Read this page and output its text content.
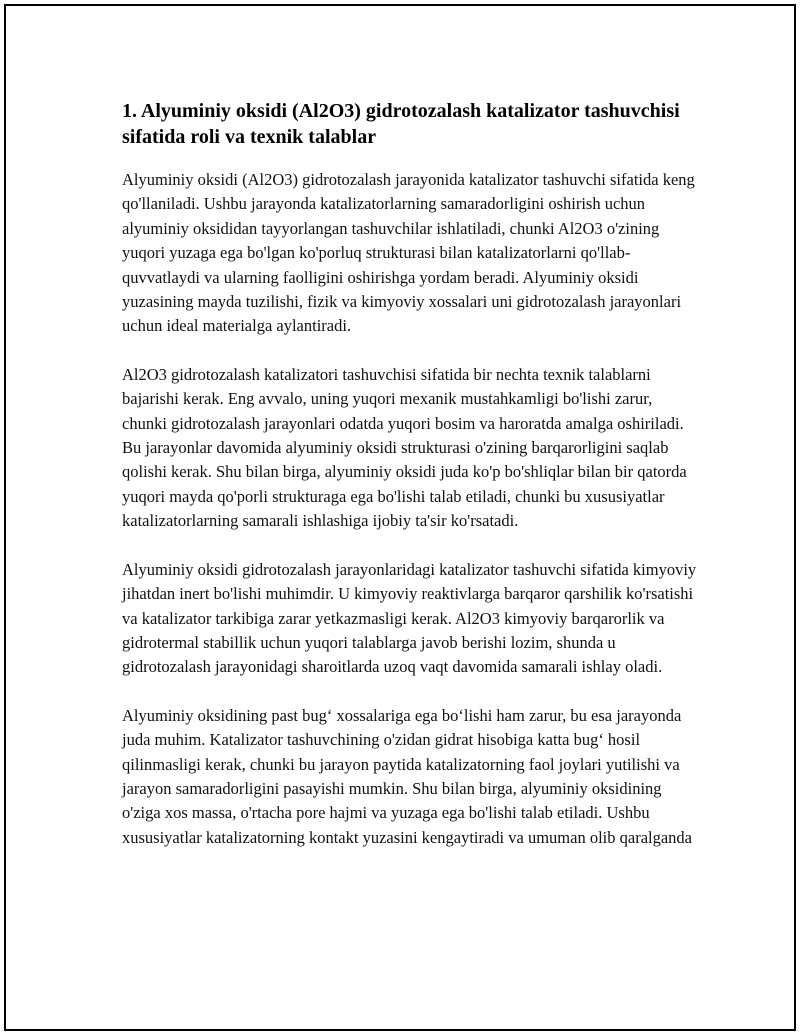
1. Alyuminiy oksidi (Al2O3) gidrotozalash katalizator tashuvchisi sifatida roli va texnik talablar

Alyuminiy oksidi (Al2O3) gidrotozalash jarayonida katalizator tashuvchi sifatida keng qo'llaniladi. Ushbu jarayonda katalizatorlarning samaradorligini oshirish uchun alyuminiy oksididan tayyorlangan tashuvchilar ishlatiladi, chunki Al2O3 o'zining yuqori yuzaga ega bo'lgan ko'porluq strukturasi bilan katalizatorlarni qo'llab-quvvatlaydi va ularning faolligini oshirishga yordam beradi. Alyuminiy oksidi yuzasining mayda tuzilishi, fizik va kimyoviy xossalari uni gidrotozalash jarayonlari uchun ideal materialga aylantiradi.

Al2O3 gidrotozalash katalizatori tashuvchisi sifatida bir nechta texnik talablarni bajarishi kerak. Eng avvalo, uning yuqori mexanik mustahkamligi bo'lishi zarur, chunki gidrotozalash jarayonlari odatda yuqori bosim va haroratda amalga oshiriladi. Bu jarayonlar davomida alyuminiy oksidi strukturasi o'zining barqarorligini saqlab qolishi kerak. Shu bilan birga, alyuminiy oksidi juda ko'p bo'shliqlar bilan bir qatorda yuqori mayda qo'porli strukturaga ega bo'lishi talab etiladi, chunki bu xususiyatlar katalizatorlarning samarali ishlashiga ijobiy ta'sir ko'rsatadi.

Alyuminiy oksidi gidrotozalash jarayonlaridagi katalizator tashuvchi sifatida kimyoviy jihatdan inert bo'lishi muhimdir. U kimyoviy reaktivlarga barqaror qarshilik ko'rsatishi va katalizator tarkibiga zarar yetkazmasligi kerak. Al2O3 kimyoviy barqarorlik va gidrotermal stabillik uchun yuqori talablarga javob berishi lozim, shunda u gidrotozalash jarayonidagi sharoitlarda uzoq vaqt davomida samarali ishlay oladi.

Alyuminiy oksidining past bug‘ xossalariga ega bo‘lishi ham zarur, bu esa jarayonda juda muhim. Katalizator tashuvchining o'zidan gidrat hisobiga katta bug‘ hosil qilinmasligi kerak, chunki bu jarayon paytida katalizatorning faol joylari yutilishi va jarayon samaradorligini pasayishi mumkin. Shu bilan birga, alyuminiy oksidining o'ziga xos massa, o'rtacha pore hajmi va yuzaga ega bo'lishi talab etiladi. Ushbu xususiyatlar katalizatorning kontakt yuzasini kengaytiradi va umuman olib qaralganda
